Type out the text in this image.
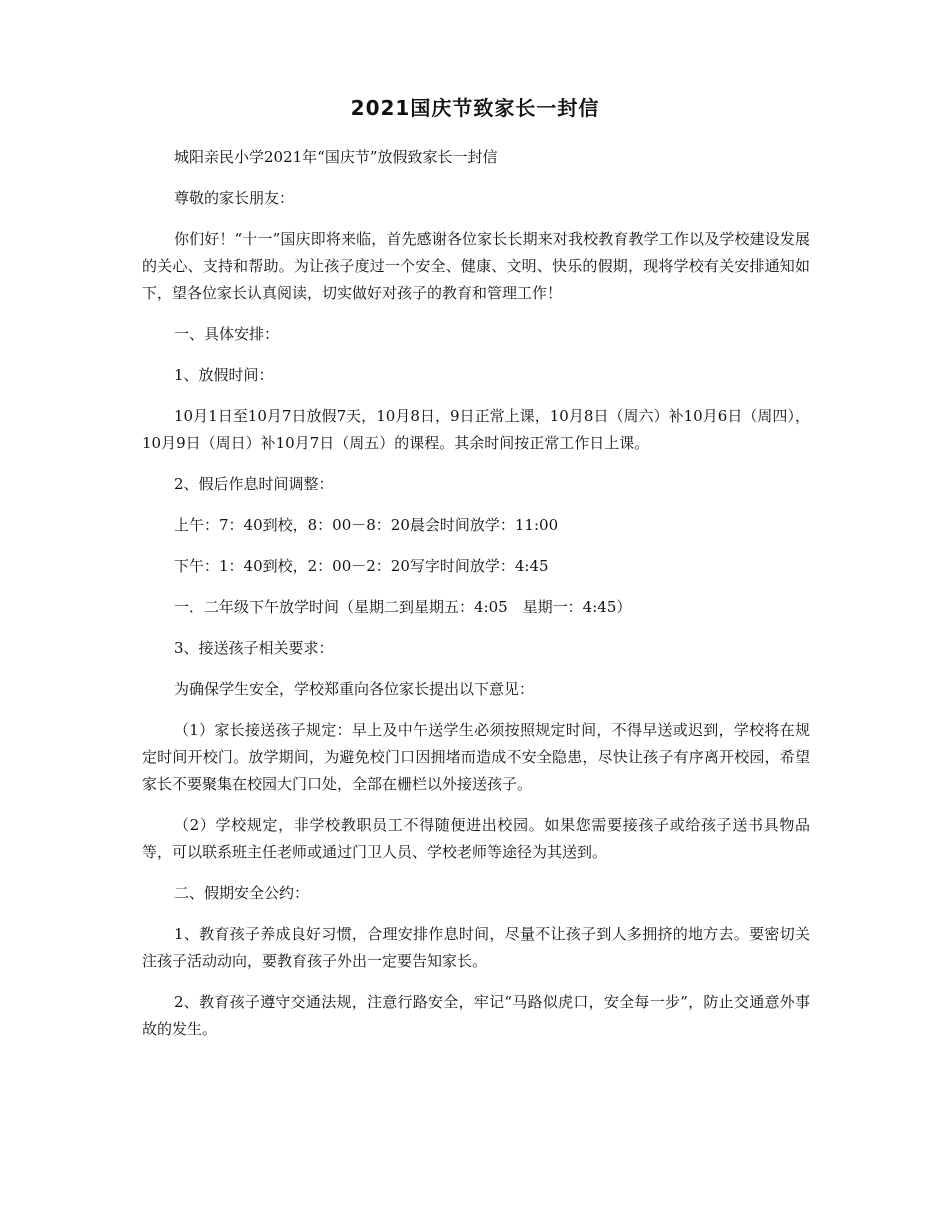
2021国庆节致家长一封信

城阳亲民小学2021年“国庆节”放假致家长一封信

尊敬的家长朋友：

你们好！“十一”国庆即将来临，首先感谢各位家长长期来对我校教育教学工作以及学校建设发展的关心、支持和帮助。为让孩子度过一个安全、健康、文明、快乐的假期，现将学校有关安排通知如下，望各位家长认真阅读，切实做好对孩子的教育和管理工作！

一、具体安排：

1、放假时间：

10月1日至10月7日放假7天，10月8日，9日正常上课，10月8日（周六）补10月6日（周四），10月9日（周日）补10月7日（周五）的课程。其余时间按正常工作日上课。

2、假后作息时间调整：

上午：7：40到校，8：00－8：20晨会时间放学：11:00

下午：1：40到校，2：00－2：20写字时间放学：4:45

一．二年级下午放学时间（星期二到星期五：4:05　星期一：4:45）

3、接送孩子相关要求：

为确保学生安全，学校郑重向各位家长提出以下意见：

（1）家长接送孩子规定：早上及中午送学生必须按照规定时间，不得早送或迟到，学校将在规定时间开校门。放学期间，为避免校门口因拥堵而造成不安全隐患，尽快让孩子有序离开校园，希望家长不要聚集在校园大门口处，全部在栅栏以外接送孩子。

（2）学校规定，非学校教职员工不得随便进出校园。如果您需要接孩子或给孩子送书具物品等，可以联系班主任老师或通过门卫人员、学校老师等途径为其送到。

二、假期安全公约：

1、教育孩子养成良好习惯，合理安排作息时间，尽量不让孩子到人多拥挤的地方去。要密切关注孩子活动动向，要教育孩子外出一定要告知家长。

2、教育孩子遵守交通法规，注意行路安全，牢记“马路似虎口，安全每一步”，防止交通意外事故的发生。
